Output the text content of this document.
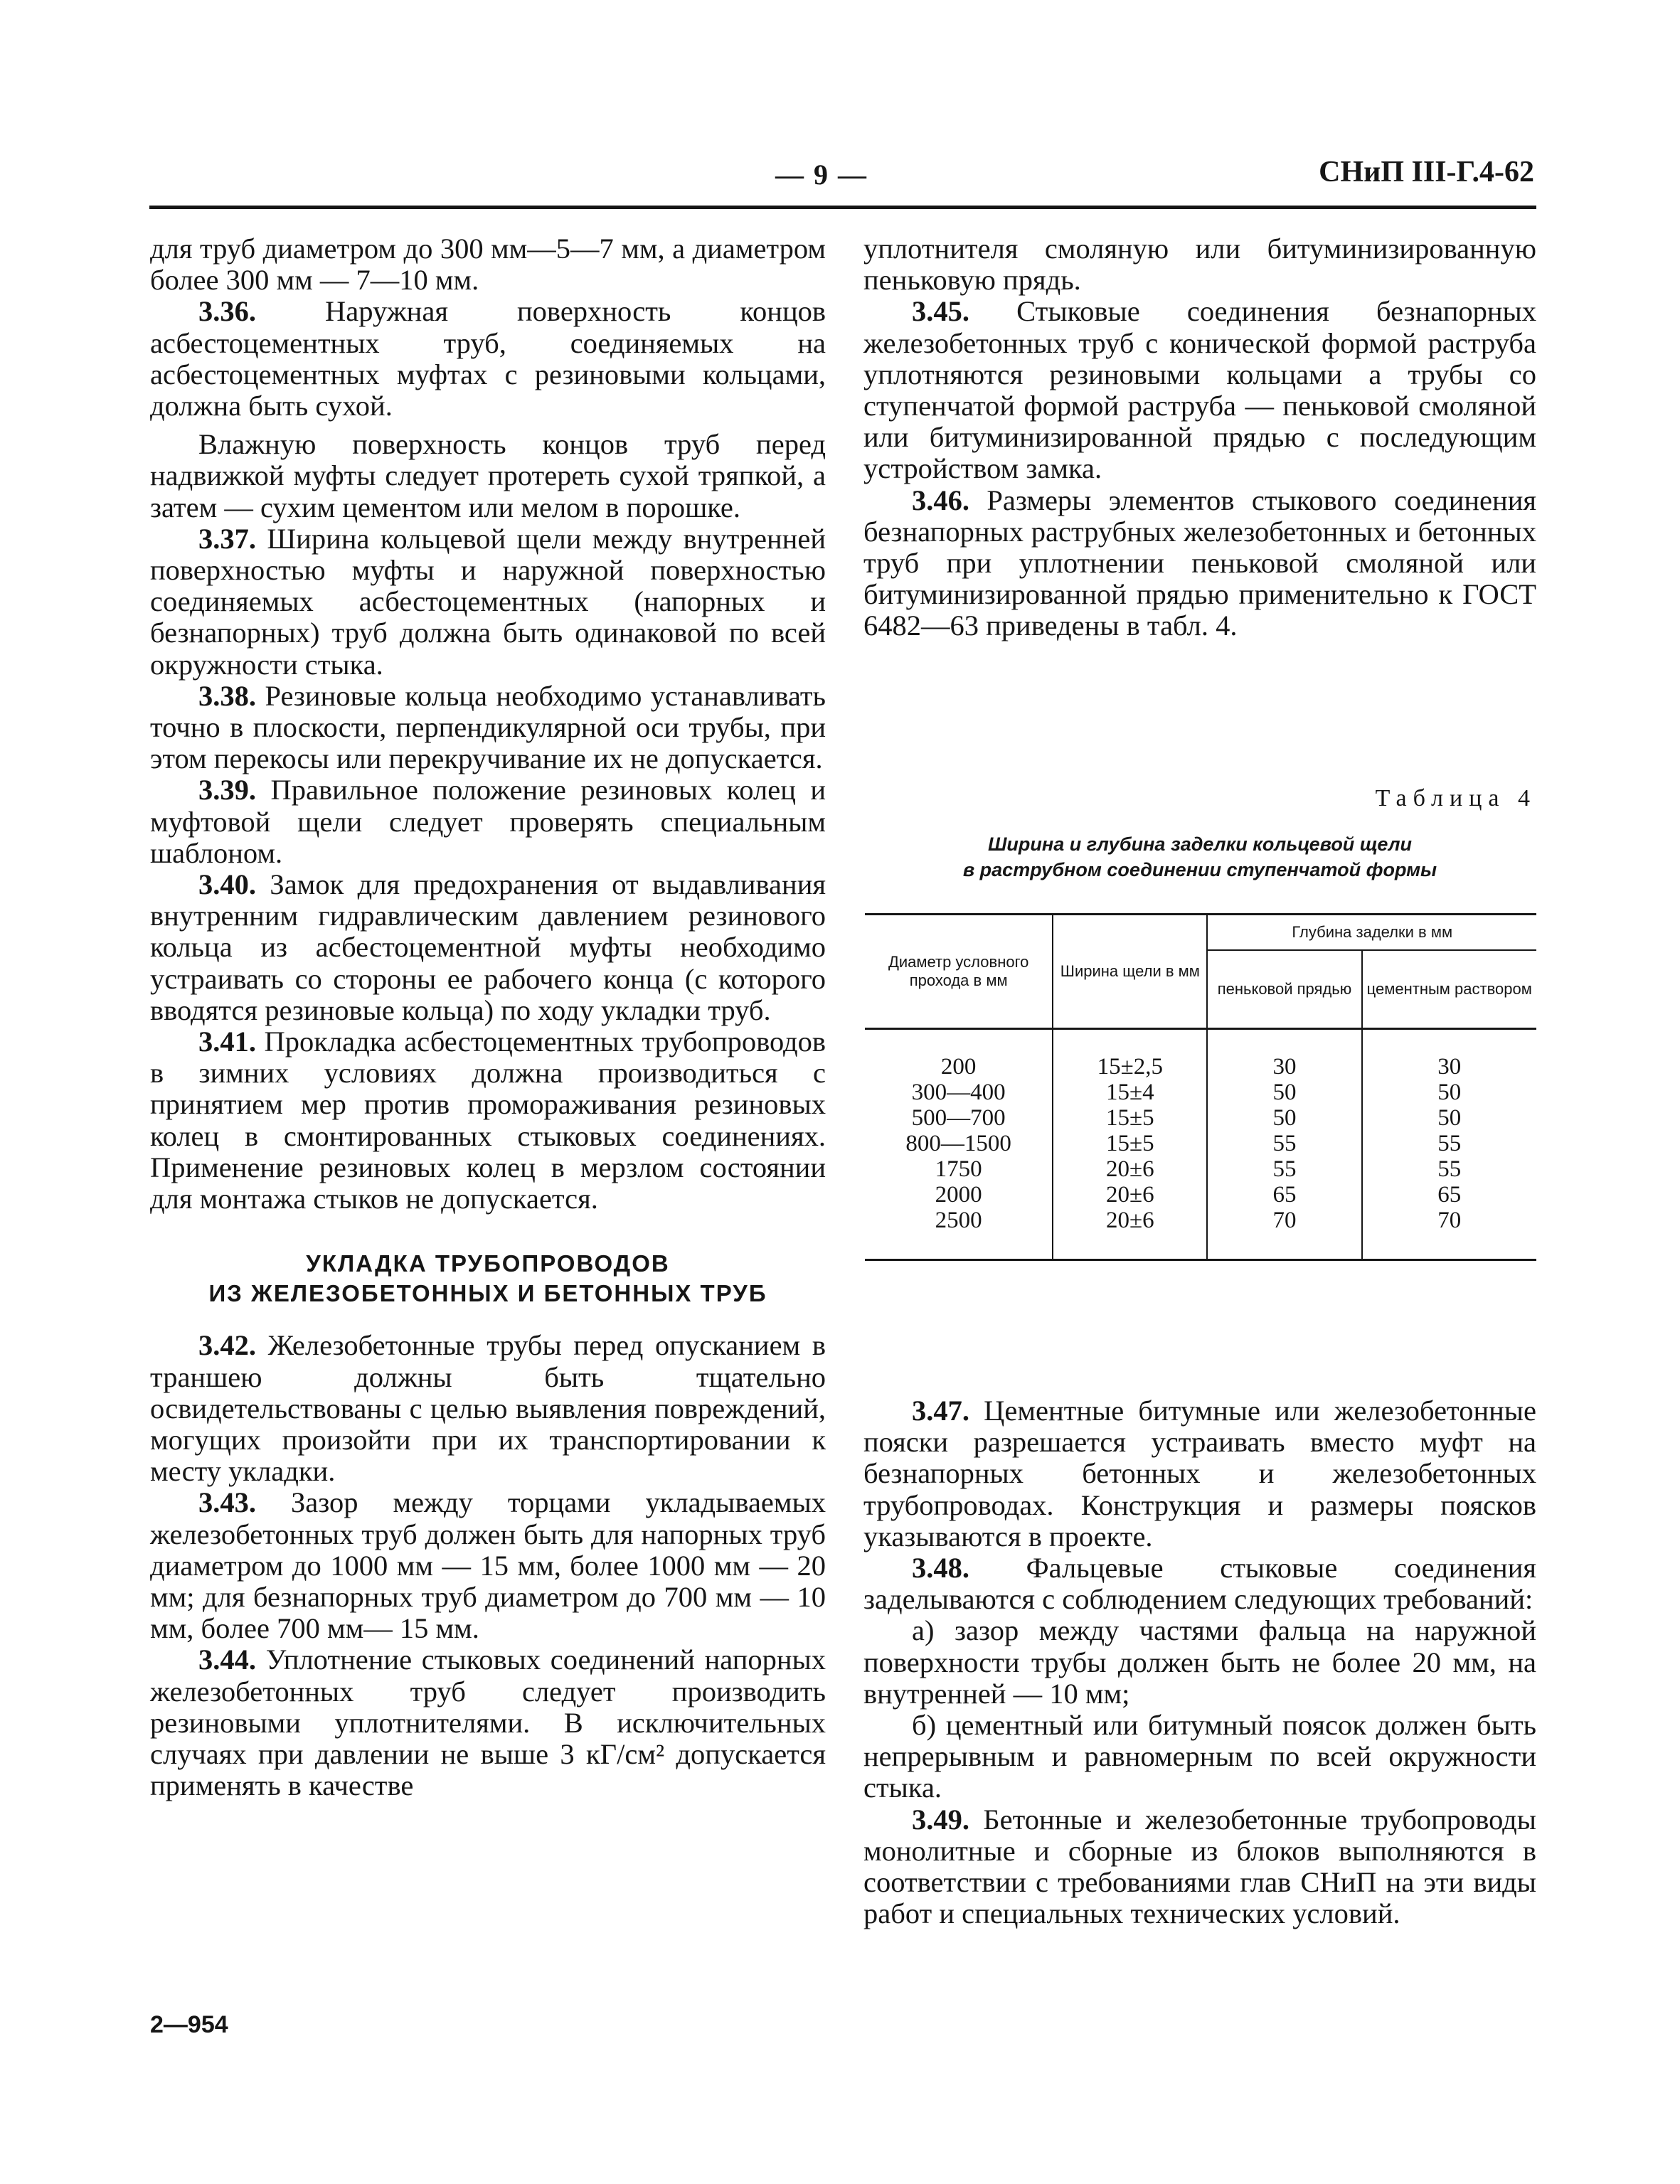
— 9 —	СНиП III-Г.4-62

для труб диаметром до 300 мм—5—7 мм, а диаметром более 300 мм — 7—10 мм.

3.36. Наружная поверхность концов асбестоцементных труб, соединяемых на асбестоцементных муфтах с резиновыми кольцами, должна быть сухой.

Влажную поверхность концов труб перед надвижкой муфты следует протереть сухой тряпкой, а затем — сухим цементом или мелом в порошке.

3.37. Ширина кольцевой щели между внутренней поверхностью муфты и наружной поверхностью соединяемых асбестоцементных (напорных и безнапорных) труб должна быть одинаковой по всей окружности стыка.

3.38. Резиновые кольца необходимо устанавливать точно в плоскости, перпендикулярной оси трубы, при этом перекосы или перекручивание их не допускается.

3.39. Правильное положение резиновых колец и муфтовой щели следует проверять специальным шаблоном.

3.40. Замок для предохранения от выдавливания внутренним гидравлическим давлением резинового кольца из асбестоцементной муфты необходимо устраивать со стороны ее рабочего конца (с которого вводятся резиновые кольца) по ходу укладки труб.

3.41. Прокладка асбестоцементных трубопроводов в зимних условиях должна производиться с принятием мер против промораживания резиновых колец в смонтированных стыковых соединениях. Применение резиновых колец в мерзлом состоянии для монтажа стыков не допускается.

УКЛАДКА ТРУБОПРОВОДОВ
ИЗ ЖЕЛЕЗОБЕТОННЫХ И БЕТОННЫХ ТРУБ

3.42. Железобетонные трубы перед опусканием в траншею должны быть тщательно освидетельствованы с целью выявления повреждений, могущих произойти при их транспортировании к месту укладки.

3.43. Зазор между торцами укладываемых железобетонных труб должен быть для напорных труб диаметром до 1000 мм — 15 мм, более 1000 мм — 20 мм; для безнапорных труб диаметром до 700 мм — 10 мм, более 700 мм— 15 мм.

3.44. Уплотнение стыковых соединений напорных железобетонных труб следует производить резиновыми уплотнителями. В исключительных случаях при давлении не выше 3 кГ/см² допускается применять в качестве

2—954

уплотнителя смоляную или битуминизированную пеньковую прядь.

3.45. Стыковые соединения безнапорных железобетонных труб с конической формой раструба уплотняются резиновыми кольцами а трубы со ступенчатой формой раструба — пеньковой смоляной или битуминизированной прядью с последующим устройством замка.

3.46. Размеры элементов стыкового соединения безнапорных раструбных железобетонных и бетонных труб при уплотнении пеньковой смоляной или битуминизированной прядью применительно к ГОСТ 6482—63 приведены в табл. 4.

Таблица 4
Ширина и глубина заделки кольцевой щели
в раструбном соединении ступенчатой формы
Диаметр условного прохода в мм	Ширина щели в мм	Глубина заделки в мм	
		пеньковой прядью	цементным раствором
200	15±2,5	30	30
300—400	15±4	50	50
500—700	15±5	50	50
800—1500	15±5	55	55
1750	20±6	55	55
2000	20±6	65	65
2500	20±6	70	70

3.47. Цементные битумные или железобетонные пояски разрешается устраивать вместо муфт на безнапорных бетонных и железобетонных трубопроводах. Конструкция и размеры поясков указываются в проекте.

3.48. Фальцевые стыковые соединения заделываются с соблюдением следующих требований:

а) зазор между частями фальца на наружной поверхности трубы должен быть не более 20 мм, на внутренней — 10 мм;

б) цементный или битумный поясок должен быть непрерывным и равномерным по всей окружности стыка.

3.49. Бетонные и железобетонные трубопроводы монолитные и сборные из блоков выполняются в соответствии с требованиями глав СНиП на эти виды работ и специальных технических условий.
